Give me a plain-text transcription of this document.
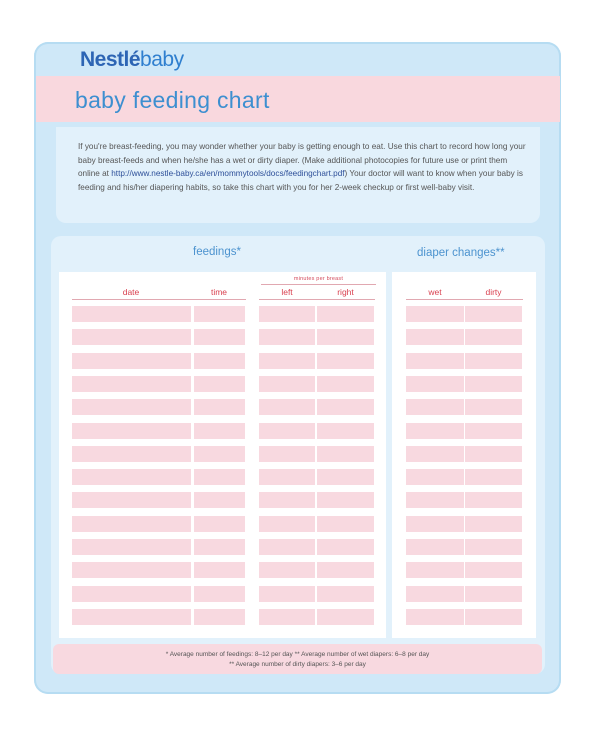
Nestlébaby
baby feeding chart

If you're breast-feeding, you may wonder whether your baby is getting enough to eat. Use this chart to record how long your baby breast-feeds and when he/she has a wet or dirty diaper. (Make additional photocopies for future use or print them online at http://www.nestle-baby.ca/en/mommytools/docs/feedingchart.pdf) Your doctor will want to know when your baby is feeding and his/her diapering habits, so take this chart with you for her 2-week checkup or first well-baby visit.

feedings*	diaper changes**
minutes per breast
date	time	left	right	wet	dirty

* Average number of feedings: 8–12 per day ** Average number of wet diapers: 6–8 per day

** Average number of dirty diapers: 3–6 per day
